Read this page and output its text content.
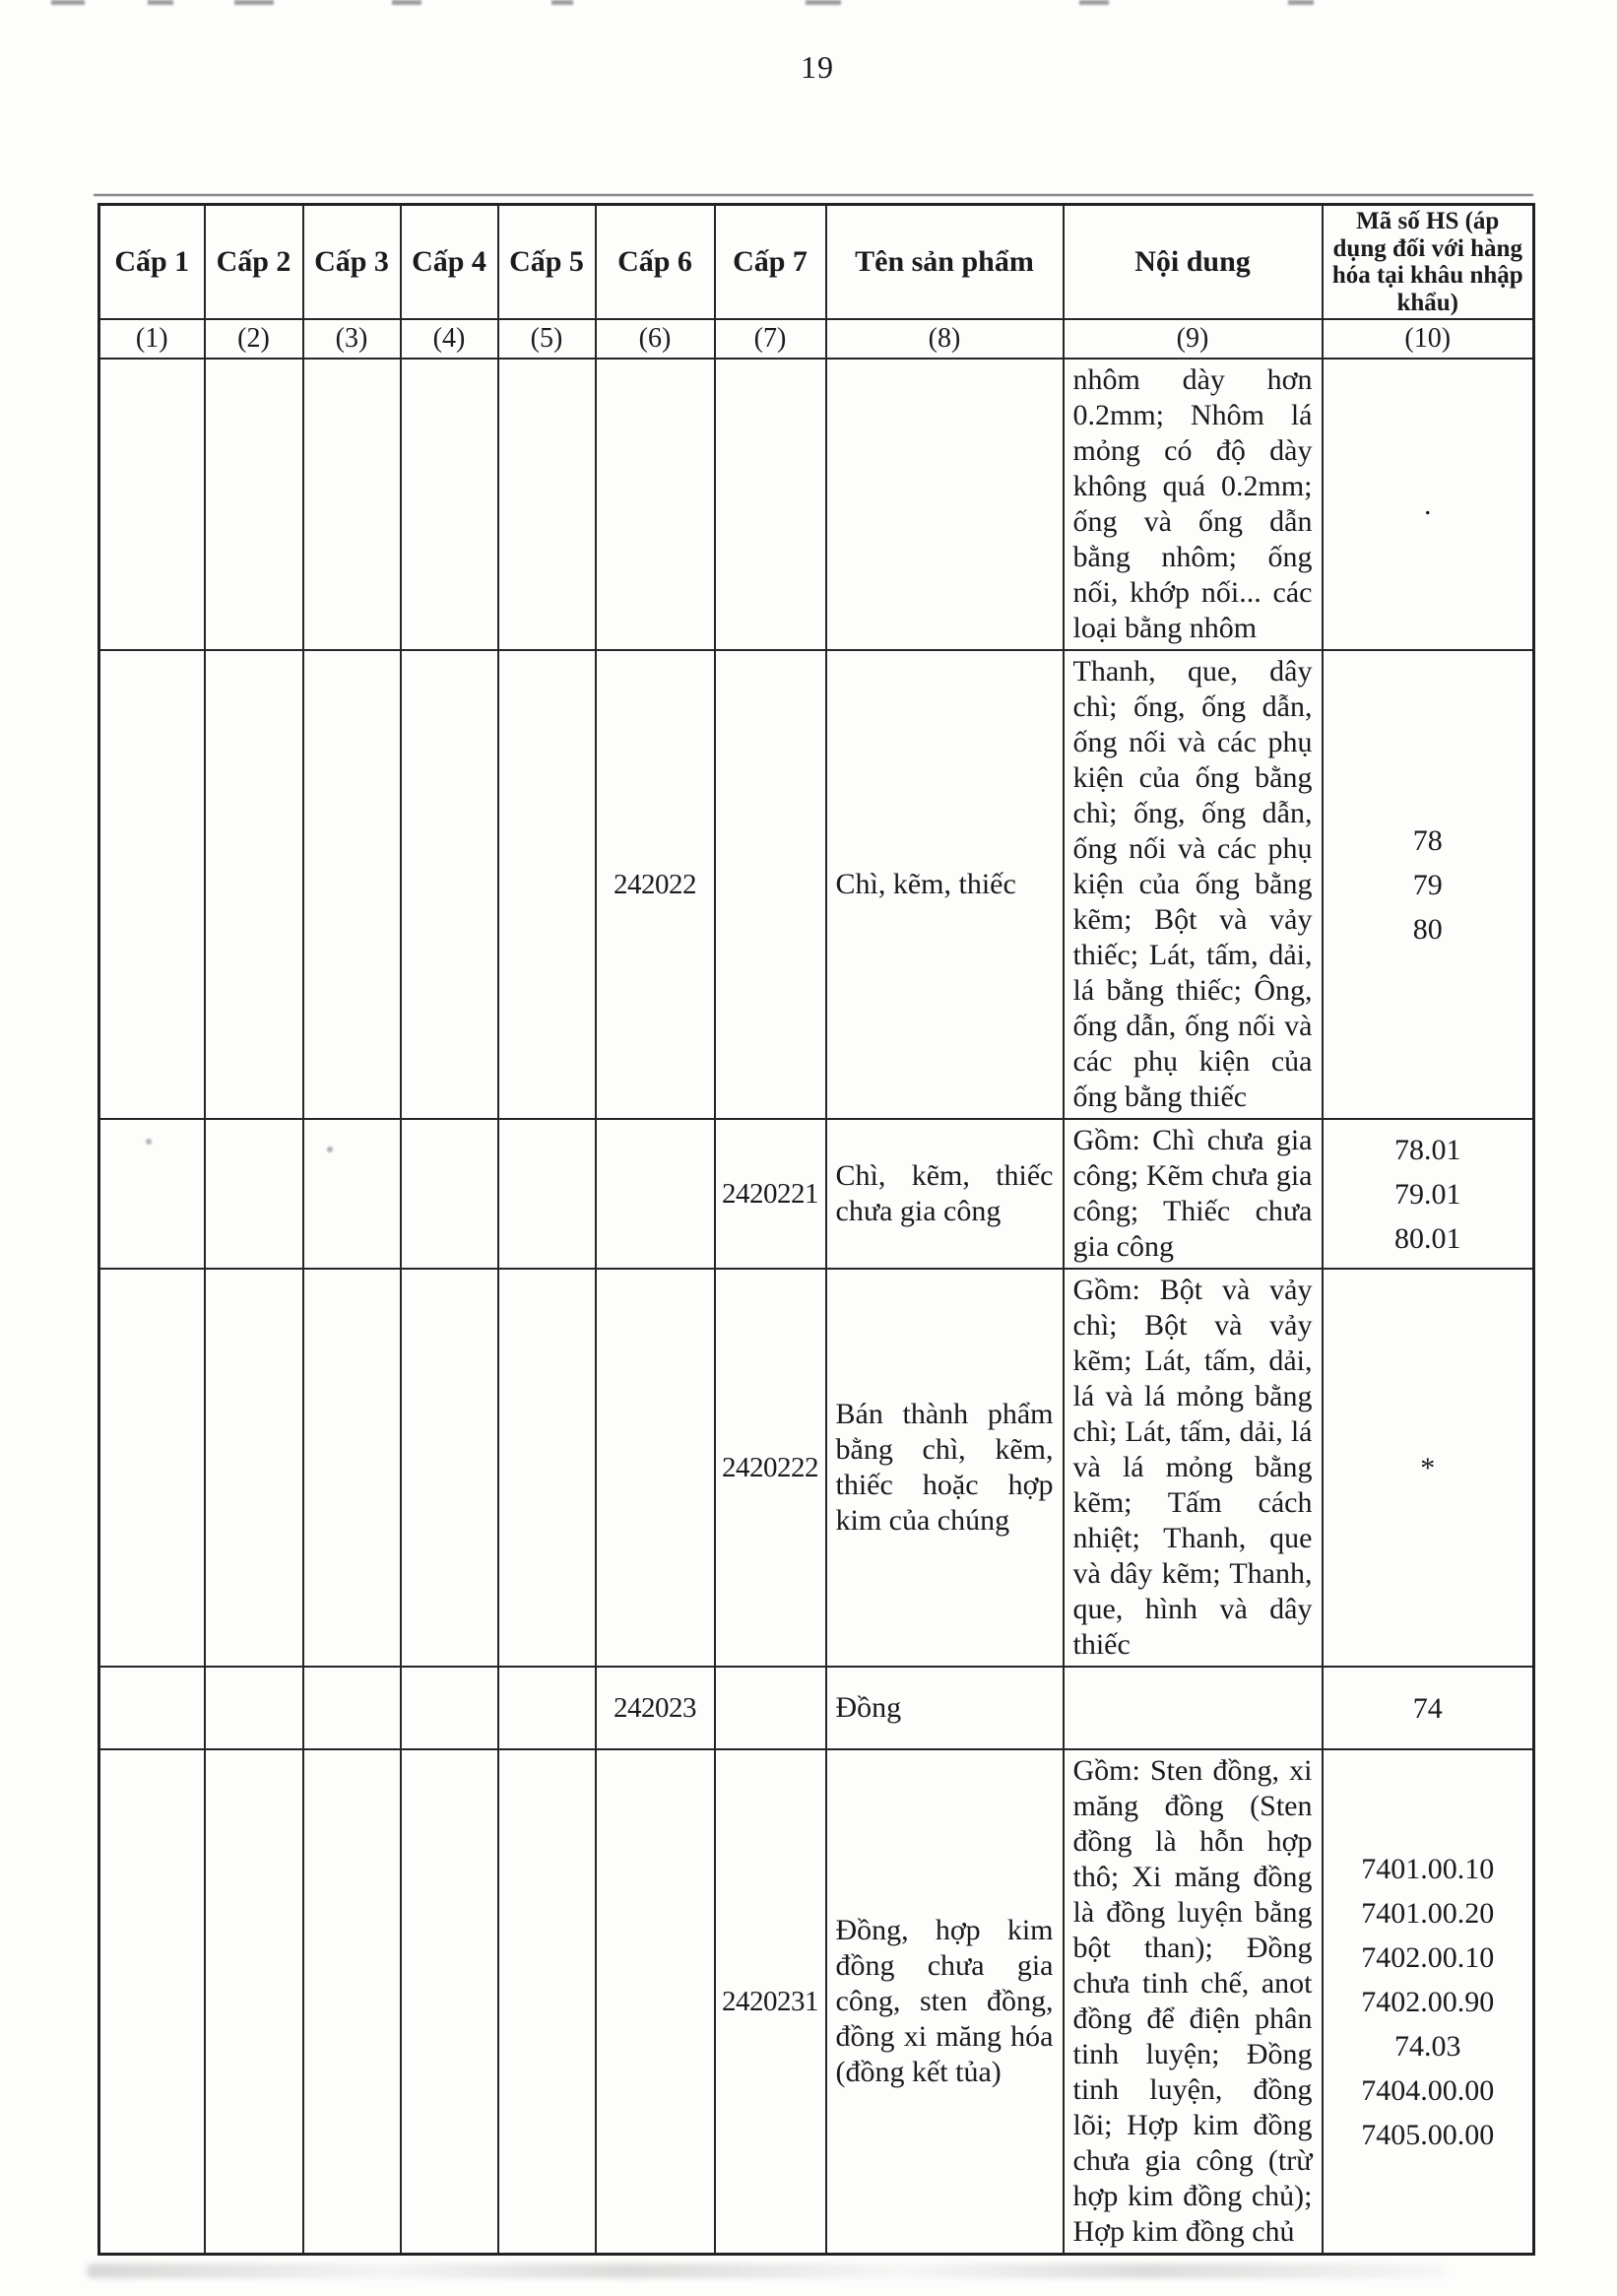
19
Cấp 1	Cấp 2	Cấp 3	Cấp 4	Cấp 5	Cấp 6	Cấp 7	Tên sản phẩm	Nội dung	Mã số HS (áp dụng đối với hàng hóa tại khâu nhập khẩu)
(1)	(2)	(3)	(4)	(5)	(6)	(7)	(8)	(9)	(10)
								nhôm dày hơn 0.2mm; Nhôm lá mỏng có độ dày không quá 0.2mm; ống và ống dẫn bằng nhôm; ống nối, khớp nối... các loại bằng nhôm	.

					242022		Chì, kẽm, thiếc	Thanh, que, dây chì; ống, ống dẫn, ống nối và các phụ kiện của ống bằng chì; ống, ống dẫn, ống nối và các phụ kiện của ống bằng kẽm; Bột và vảy thiếc; Lát, tấm, dải, lá bằng thiếc; Ông, ống dẫn, ống nối và các phụ kiện của ống bằng thiếc	
78
79
80

						2420221	Chì, kẽm, thiếc chưa gia công	Gồm: Chì chưa gia công; Kẽm chưa gia công; Thiếc chưa gia công	78.01
79.01
80.01

						2420222	Bán thành phẩm bằng chì, kẽm, thiếc hoặc hợp kim của chúng	Gồm: Bột và vảy chì; Bột và vảy kẽm; Lát, tấm, dải, lá và lá mỏng bằng chì; Lát, tấm, dải, lá và lá mỏng bằng kẽm; Tấm cách nhiệt; Thanh, que và dây kẽm; Thanh, que, hình và dây thiếc	*

					242023		Đồng		74

						2420231	Đồng, hợp kim đồng chưa gia công, sten đồng, đồng xi măng hóa (đồng kết tủa)	Gồm: Sten đồng, xi măng đồng (Sten đồng là hỗn hợp thô; Xi măng đồng là đồng luyện bằng bột than); Đồng chưa tinh chế, anot đồng để điện phân tinh luyện; Đồng tinh luyện, đồng lõi; Hợp kim đồng chưa gia công (trừ hợp kim đồng chủ); Hợp kim đồng chủ	
7401.00.10
7401.00.20
7402.00.10
7402.00.90
74.03
7404.00.00
7405.00.00
